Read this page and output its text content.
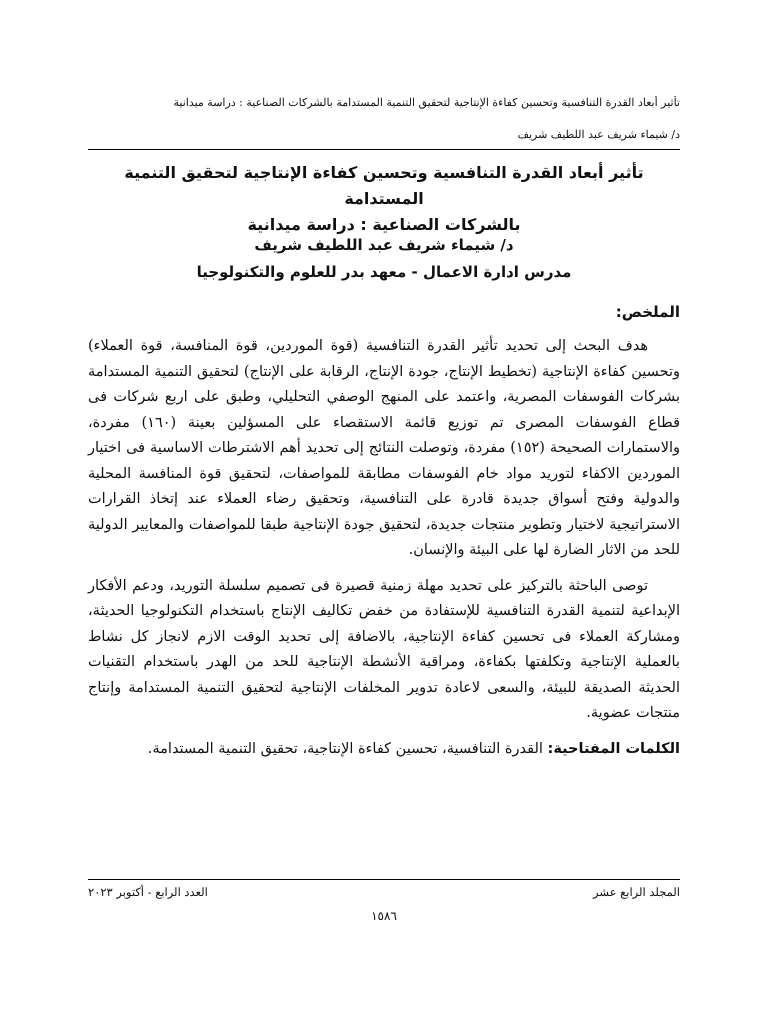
تأثير أبعاد القدرة التنافسية وتحسين كفاءة الإنتاجية لتحقيق التنمية المستدامة بالشركات الصناعية : دراسة ميدانية
د/ شيماء شريف عبد اللطيف شريف
تأثير أبعاد القدرة التنافسية وتحسين كفاءة الإنتاجية لتحقيق التنمية المستدامة
بالشركات الصناعية : دراسة ميدانية
د/ شيماء شريف عبد اللطيف شريف
مدرس ادارة الاعمال - معهد بدر للعلوم والتكنولوجيا
الملخص:

هدف البحث إلى تحديد تأثير القدرة التنافسية (قوة الموردين، قوة المنافسة، قوة العملاء) وتحسين كفاءة الإنتاجية (تخطيط الإنتاج، جودة الإنتاج، الرقابة على الإنتاج) لتحقيق التنمية المستدامة بشركات الفوسفات المصرية، واعتمد على المنهج الوصفي التحليلي، وطبق على اربع شركات فى قطاع الفوسفات المصرى تم توزيع قائمة الاستقصاء على المسؤلين بعينة (١٦٠) مفردة، والاستمارات الصحيحة (١٥٢) مفردة، وتوصلت النتائج إلى تحديد أهم الاشترطات الاساسية فى اختيار الموردين الاكفاء لتوريد مواد خام الفوسفات مطابقة للمواصفات، لتحقيق قوة المنافسة المحلية والدولية وفتح أسواق جديدة قادرة على التنافسية، وتحقيق رضاء العملاء عند إتخاذ القرارات الاستراتيجية لاختيار وتطوير منتجات جديدة، لتحقيق جودة الإنتاجية طبقا للمواصفات والمعايير الدولية للحد من الاثار الضارة لها على البيئة والإنسان.

توصى الباحثة بالتركيز على تحديد مهلة زمنية قصيرة فى تصميم سلسلة التوريد، ودعم الأفكار الإبداعية لتنمية القدرة التنافسية للإستفادة من خفض تكاليف الإنتاج باستخدام التكنولوجيا الحديثة، ومشاركة العملاء فى تحسين كفاءة الإنتاجية، بالاضافة إلى تحديد الوقت الازم لانجاز كل نشاط بالعملية الإنتاجية وتكلفتها بكفاءة، ومراقبة الأنشطة الإنتاجية للحد من الهدر باستخدام التقنيات الحديثة الصديقة للبيئة، والسعى لاعادة تدوير المخلفات الإنتاجية لتحقيق التنمية المستدامة وإنتاج منتجات عضوية.

الكلمات المفتاحية: القدرة التنافسية، تحسين كفاءة الإنتاجية، تحقيق التنمية المستدامة.
المجلد الرابع عشر
العدد الرابع - أكتوبر ٢٠٢٣
١٥٨٦
